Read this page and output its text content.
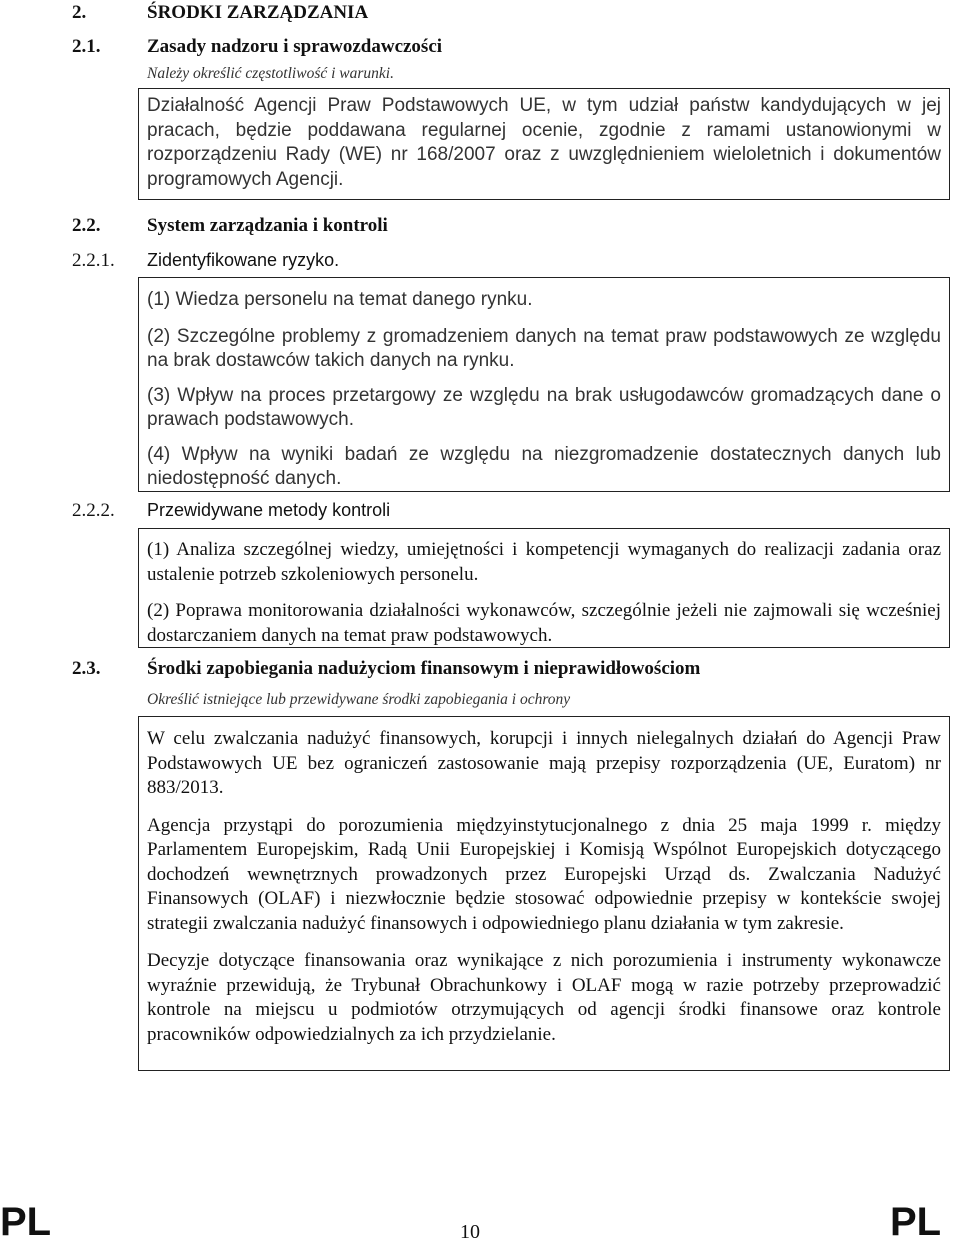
2.	ŚRODKI ZARZĄDZANIA
2.1. Zasady nadzoru i sprawozdawczości
Należy określić częstotliwość i warunki.

Działalność Agencji Praw Podstawowych UE, w tym udział państw kandydujących w jej pracach, będzie poddawana regularnej ocenie, zgodnie z ramami ustanowionymi w rozporządzeniu Rady (WE) nr 168/2007 oraz z uwzględnieniem wieloletnich i dokumentów programowych Agencji.

2.2. System zarządzania i kontroli
2.2.1. Zidentyfikowane ryzyko.

(1) Wiedza personelu na temat danego rynku.

(2) Szczególne problemy z gromadzeniem danych na temat praw podstawowych ze względu na brak dostawców takich danych na rynku.

(3) Wpływ na proces przetargowy ze względu na brak usługodawców gromadzących dane o prawach podstawowych.

(4) Wpływ na wyniki badań ze względu na niezgromadzenie dostatecznych danych lub niedostępność danych.

2.2.2. Przewidywane metody kontroli

(1) Analiza szczególnej wiedzy, umiejętności i kompetencji wymaganych do realizacji zadania oraz ustalenie potrzeb szkoleniowych personelu.

(2) Poprawa monitorowania działalności wykonawców, szczególnie jeżeli nie zajmowali się wcześniej dostarczaniem danych na temat praw podstawowych.

2.3. Środki zapobiegania nadużyciom finansowym i nieprawidłowościom
Określić istniejące lub przewidywane środki zapobiegania i ochrony

W celu zwalczania nadużyć finansowych, korupcji i innych nielegalnych działań do Agencji Praw Podstawowych UE bez ograniczeń zastosowanie mają przepisy rozporządzenia (UE, Euratom) nr 883/2013.

Agencja przystąpi do porozumienia międzyinstytucjonalnego z dnia 25 maja 1999 r. między Parlamentem Europejskim, Radą Unii Europejskiej i Komisją Wspólnot Europejskich dotyczącego dochodzeń wewnętrznych prowadzonych przez Europejski Urząd ds. Zwalczania Nadużyć Finansowych (OLAF) i niezwłocznie będzie stosować odpowiednie przepisy w kontekście swojej strategii zwalczania nadużyć finansowych i odpowiedniego planu działania w tym zakresie.

Decyzje dotyczące finansowania oraz wynikające z nich porozumienia i instrumenty wykonawcze wyraźnie przewidują, że Trybunał Obrachunkowy i OLAF mogą w razie potrzeby przeprowadzić kontrole na miejscu u podmiotów otrzymujących od agencji środki finansowe oraz kontrole pracowników odpowiedzialnych za ich przydzielanie.

PL	10	PL
